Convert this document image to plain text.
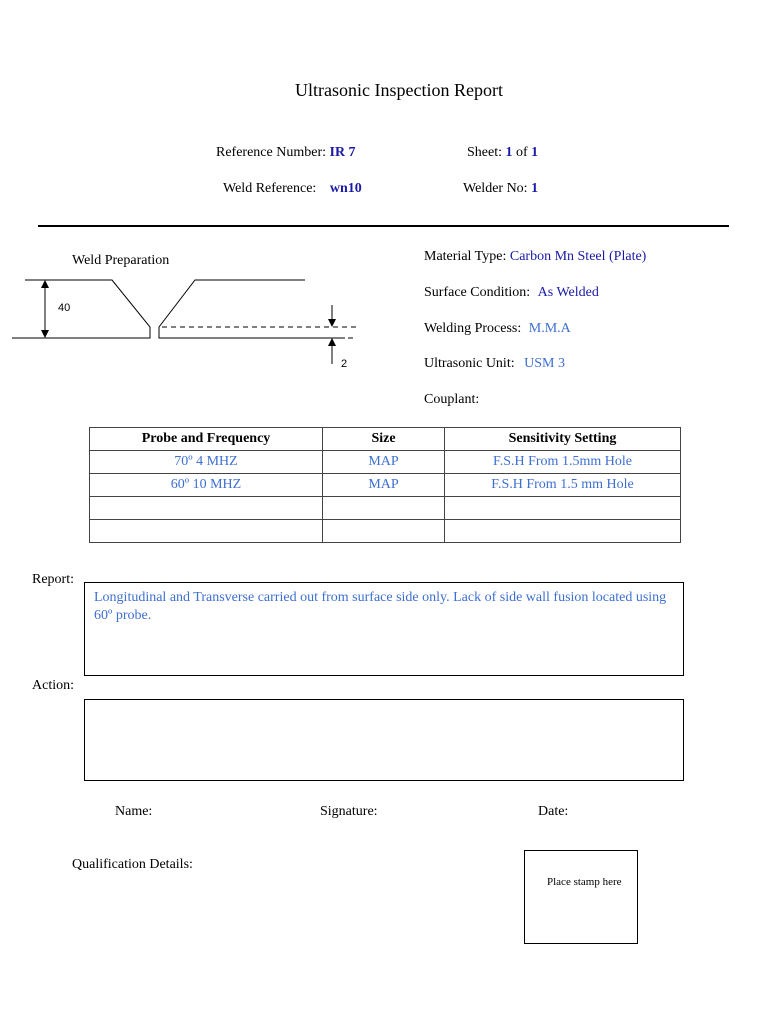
Ultrasonic Inspection Report
Reference Number: IR 7	Sheet: 1 of 1
Weld Reference: wn10	Welder No: 1
Weld Preparation
40
2
Material Type: Carbon Mn Steel (Plate)
Surface Condition: As Welded
Welding Process: M.M.A
Ultrasonic Unit: USM 3
Couplant:
Probe and Frequency	Size	Sensitivity Setting
70º 4 MHZ	MAP	F.S.H From 1.5mm Hole
60º 10 MHZ	MAP	F.S.H From 1.5 mm Hole

Report:
Longitudinal and Transverse carried out from surface side only. Lack of side wall fusion located using 60º probe.
Action:
Name:	Signature:	Date:
Qualification Details:
Place stamp here
